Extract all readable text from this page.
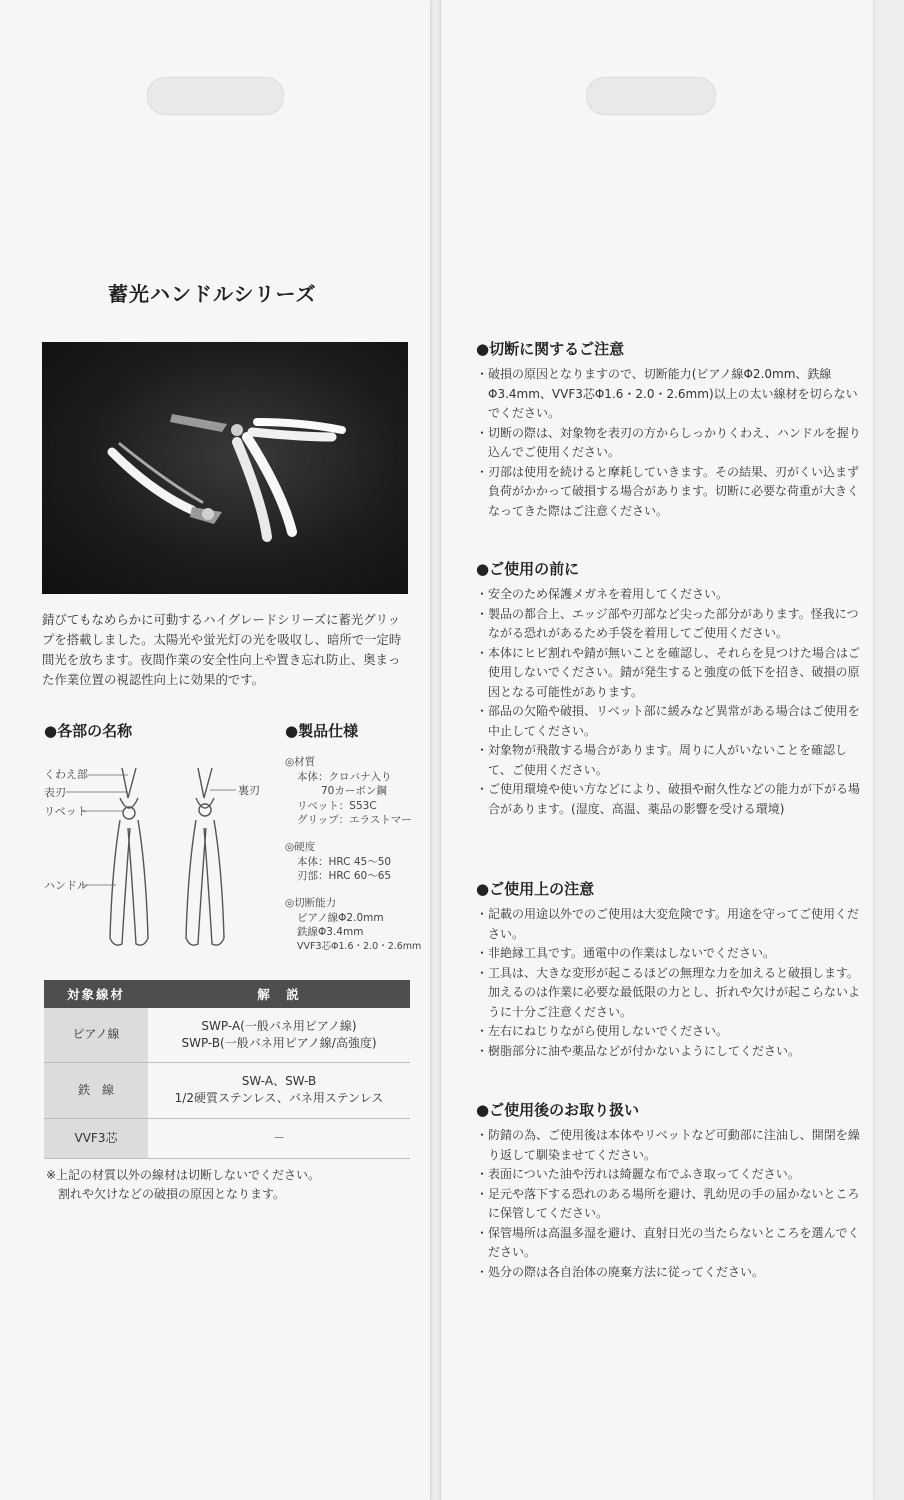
蓄光ハンドルシリーズ
錆びてもなめらかに可動するハイグレードシリーズに蓄光グリップを搭載しました。太陽光や蛍光灯の光を吸収し、暗所で一定時間光を放ちます。夜間作業の安全性向上や置き忘れ防止、奥まった作業位置の視認性向上に効果的です。
●各部の名称	●製品仕様
くわえ部
表刃
リベット
ハンドル
裏刃
◎材質
本体：クロバナ入り
70カーボン鋼
リベット：S53C
グリップ：エラストマー
◎硬度
本体：HRC 45～50
刃部：HRC 60～65
◎切断能力
ピアノ線Φ2.0mm
鉄線Φ3.4mm
VVF3芯Φ1.6・2.0・2.6mm
対象線材	解　説
ピアノ線	SWP-A(一般バネ用ピアノ線)
SWP-B(一般バネ用ピアノ線/高強度)

鉄　線	SW-A、SW-B
1/2硬質ステンレス、バネ用ステンレス

VVF3芯	－
※上記の材質以外の線材は切断しないでください。
割れや欠けなどの破損の原因となります。
●切断に関するご注意
・破損の原因となりますので、切断能力(ピアノ線Φ2.0mm、鉄線Φ3.4mm、VVF3芯Φ1.6・2.0・2.6mm)以上の太い線材を切らないでください。
・切断の際は、対象物を表刃の方からしっかりくわえ、ハンドルを握り込んでご使用ください。
・刃部は使用を続けると摩耗していきます。その結果、刃がくい込まず負荷がかかって破損する場合があります。切断に必要な荷重が大きくなってきた際はご注意ください。
●ご使用の前に
・安全のため保護メガネを着用してください。
・製品の都合上、エッジ部や刃部など尖った部分があります。怪我につながる恐れがあるため手袋を着用してご使用ください。
・本体にヒビ割れや錆が無いことを確認し、それらを見つけた場合はご使用しないでください。錆が発生すると強度の低下を招き、破損の原因となる可能性があります。
・部品の欠陥や破損、リベット部に緩みなど異常がある場合はご使用を中止してください。
・対象物が飛散する場合があります。周りに人がいないことを確認して、ご使用ください。
・ご使用環境や使い方などにより、破損や耐久性などの能力が下がる場合があります。(湿度、高温、薬品の影響を受ける環境)
●ご使用上の注意
・記載の用途以外でのご使用は大変危険です。用途を守ってご使用ください。
・非絶縁工具です。通電中の作業はしないでください。
・工具は、大きな変形が起こるほどの無理な力を加えると破損します。加えるのは作業に必要な最低限の力とし、折れや欠けが起こらないように十分ご注意ください。
・左右にねじりながら使用しないでください。
・樹脂部分に油や薬品などが付かないようにしてください。
●ご使用後のお取り扱い
・防錆の為、ご使用後は本体やリベットなど可動部に注油し、開閉を繰り返して馴染ませてください。
・表面についた油や汚れは綺麗な布でふき取ってください。
・足元や落下する恐れのある場所を避け、乳幼児の手の届かないところに保管してください。
・保管場所は高温多湿を避け、直射日光の当たらないところを選んでください。
・処分の際は各自治体の廃棄方法に従ってください。
